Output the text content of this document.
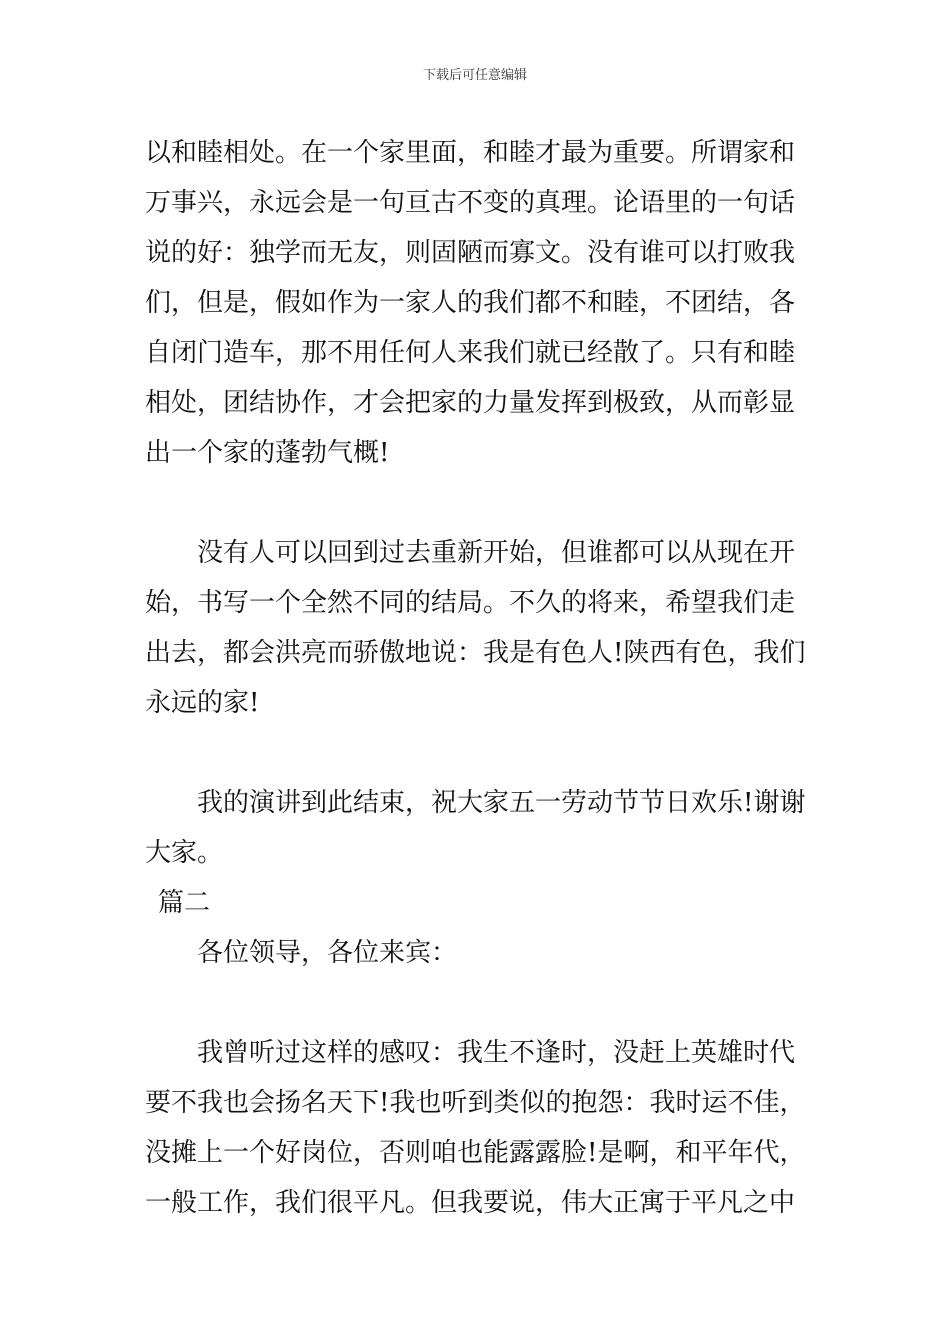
下载后可任意编辑
以和睦相处。在一个家里面，和睦才最为重要。所谓家和
万事兴，永远会是一句亘古不变的真理。论语里的一句话
说的好：独学而无友，则固陋而寡文。没有谁可以打败我
们，但是，假如作为一家人的我们都不和睦，不团结，各
自闭门造车，那不用任何人来我们就已经散了。只有和睦
相处，团结协作，才会把家的力量发挥到极致，从而彰显
出一个家的蓬勃气概!
没有人可以回到过去重新开始，但谁都可以从现在开
始，书写一个全然不同的结局。不久的将来，希望我们走
出去，都会洪亮而骄傲地说：我是有色人!陕西有色，我们
永远的家!
我的演讲到此结束，祝大家五一劳动节节日欢乐!谢谢
大家。
篇二
各位领导，各位来宾：
我曾听过这样的感叹：我生不逢时，没赶上英雄时代
要不我也会扬名天下!我也听到类似的抱怨：我时运不佳，
没摊上一个好岗位，否则咱也能露露脸!是啊，和平年代，
一般工作，我们很平凡。但我要说，伟大正寓于平凡之中
